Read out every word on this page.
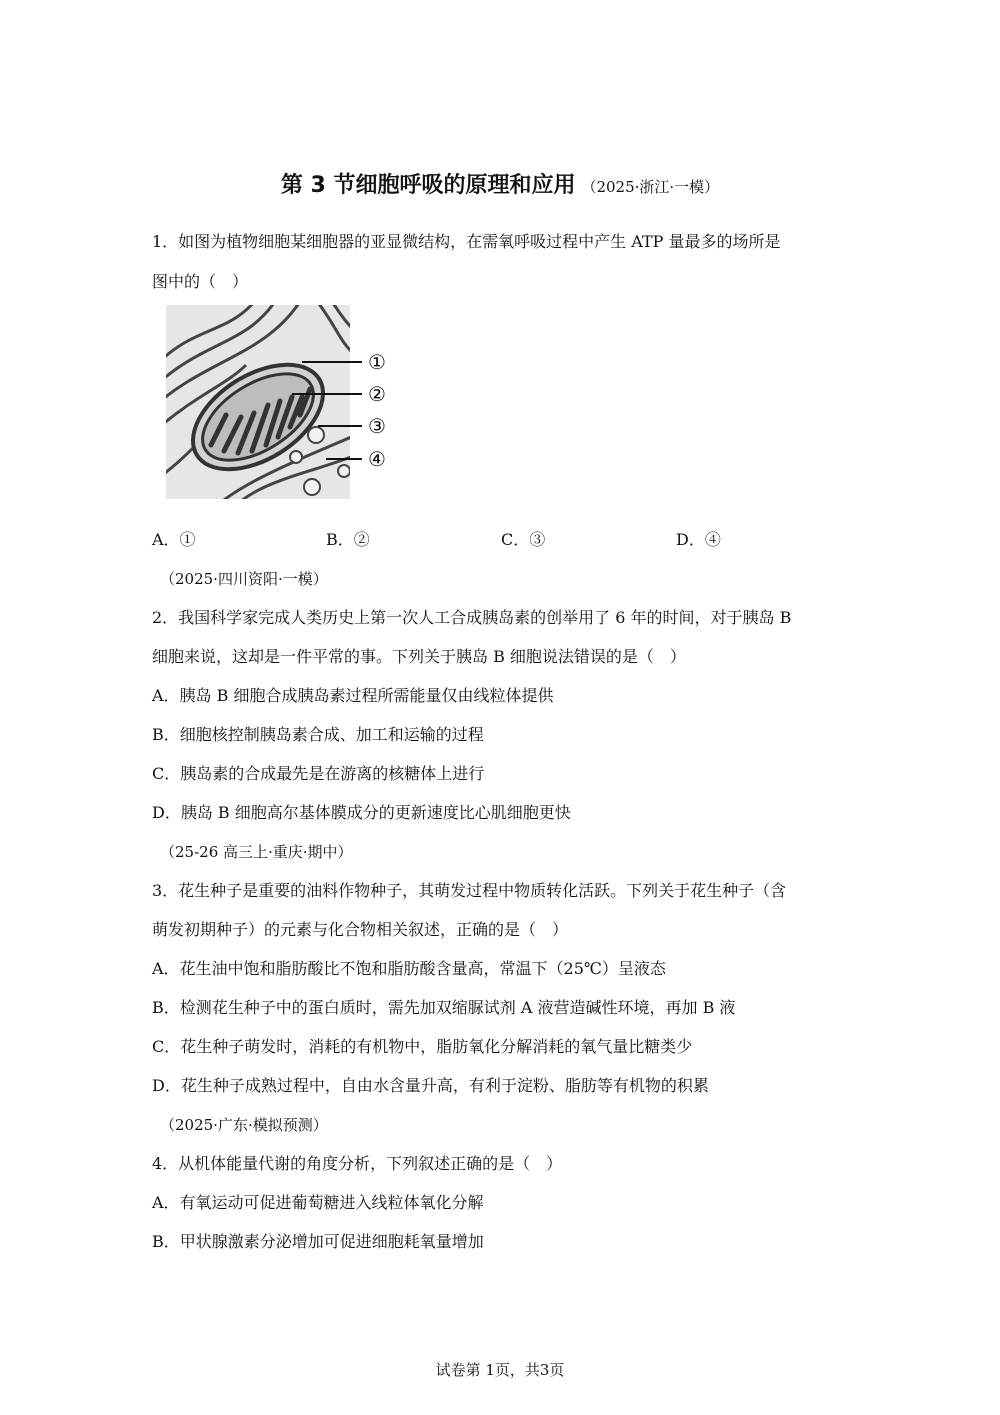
第 3 节细胞呼吸的原理和应用 （2025·浙江·一模）
1．如图为植物细胞某细胞器的亚显微结构，在需氧呼吸过程中产生 ATP 量最多的场所是
图中的（　）
①
②
③
④
A．①	B．②	C．③	D．④
（2025·四川资阳·一模）
2．我国科学家完成人类历史上第一次人工合成胰岛素的创举用了 6 年的时间，对于胰岛 B
细胞来说，这却是一件平常的事。下列关于胰岛 B 细胞说法错误的是（　）
A．胰岛 B 细胞合成胰岛素过程所需能量仅由线粒体提供
B．细胞核控制胰岛素合成、加工和运输的过程
C．胰岛素的合成最先是在游离的核糖体上进行
D．胰岛 B 细胞高尔基体膜成分的更新速度比心肌细胞更快
（25-26 高三上·重庆·期中）
3．花生种子是重要的油料作物种子，其萌发过程中物质转化活跃。下列关于花生种子（含
萌发初期种子）的元素与化合物相关叙述，正确的是（　）
A．花生油中饱和脂肪酸比不饱和脂肪酸含量高，常温下（25℃）呈液态
B．检测花生种子中的蛋白质时，需先加双缩脲试剂 A 液营造碱性环境，再加 B 液
C．花生种子萌发时，消耗的有机物中，脂肪氧化分解消耗的氧气量比糖类少
D．花生种子成熟过程中，自由水含量升高，有利于淀粉、脂肪等有机物的积累
（2025·广东·模拟预测）
4．从机体能量代谢的角度分析，下列叙述正确的是（　）
A．有氧运动可促进葡萄糖进入线粒体氧化分解
B．甲状腺激素分泌增加可促进细胞耗氧量增加
试卷第 1页，共3页
